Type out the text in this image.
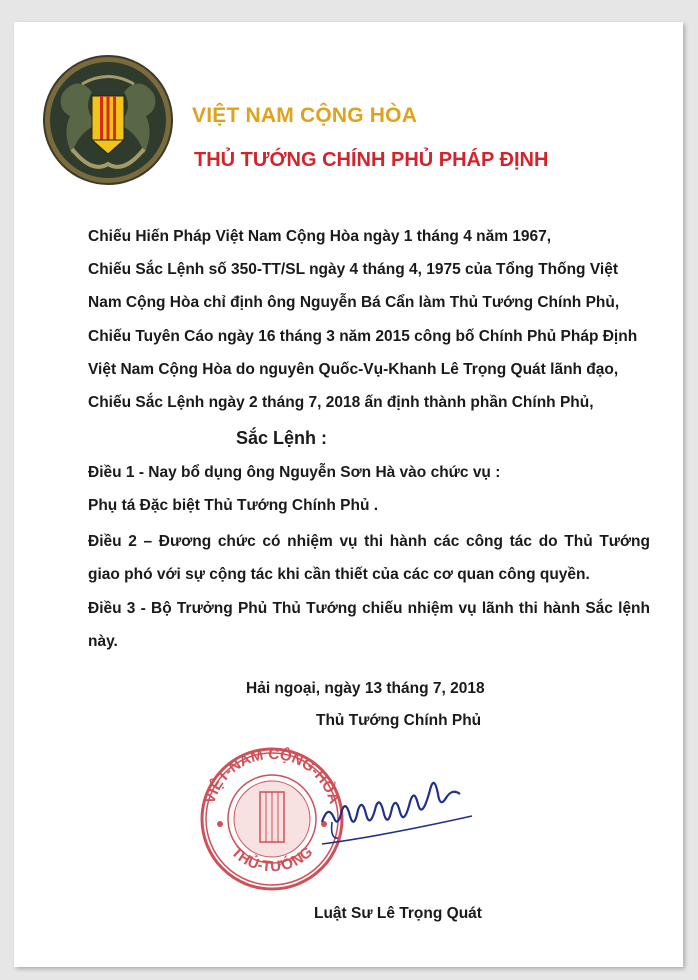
VIỆT NAM CỘNG HÒA
THỦ TƯỚNG CHÍNH PHỦ PHÁP ĐỊNH
Chiếu Hiến Pháp Việt Nam Cộng Hòa ngày 1 tháng 4 năm 1967,
Chiếu Sắc Lệnh số 350-TT/SL ngày 4 tháng 4, 1975 của Tổng Thống Việt
Nam Cộng Hòa chỉ định ông Nguyễn Bá Cẩn làm Thủ Tướng Chính Phủ,
Chiếu Tuyên Cáo ngày 16 tháng 3 năm 2015 công bố Chính Phủ Pháp Định
Việt Nam Cộng Hòa do nguyên Quốc-Vụ-Khanh Lê Trọng Quát lãnh đạo,
Chiếu Sắc Lệnh ngày 2 tháng 7, 2018 ấn định thành phần Chính Phủ,
Điều 1 - Nay bổ dụng ông Nguyễn Sơn Hà vào chức vụ :
Phụ tá Đặc biệt Thủ Tướng Chính Phủ .
Điều 2 – Đương chức có nhiệm vụ thi hành các công tác do Thủ Tướng
giao phó với sự cộng tác khi cần thiết của các cơ quan công quyền.
Điều 3 - Bộ Trưởng Phủ Thủ Tướng chiếu nhiệm vụ lãnh thi hành Sắc lệnh
này.
Sắc Lệnh :
Hải ngoại, ngày 13 tháng 7, 2018
Thủ Tướng Chính Phủ
VIỆT-NAM CỘNG-HÒA
THỦ-TƯỚNG
Luật Sư Lê Trọng Quát
